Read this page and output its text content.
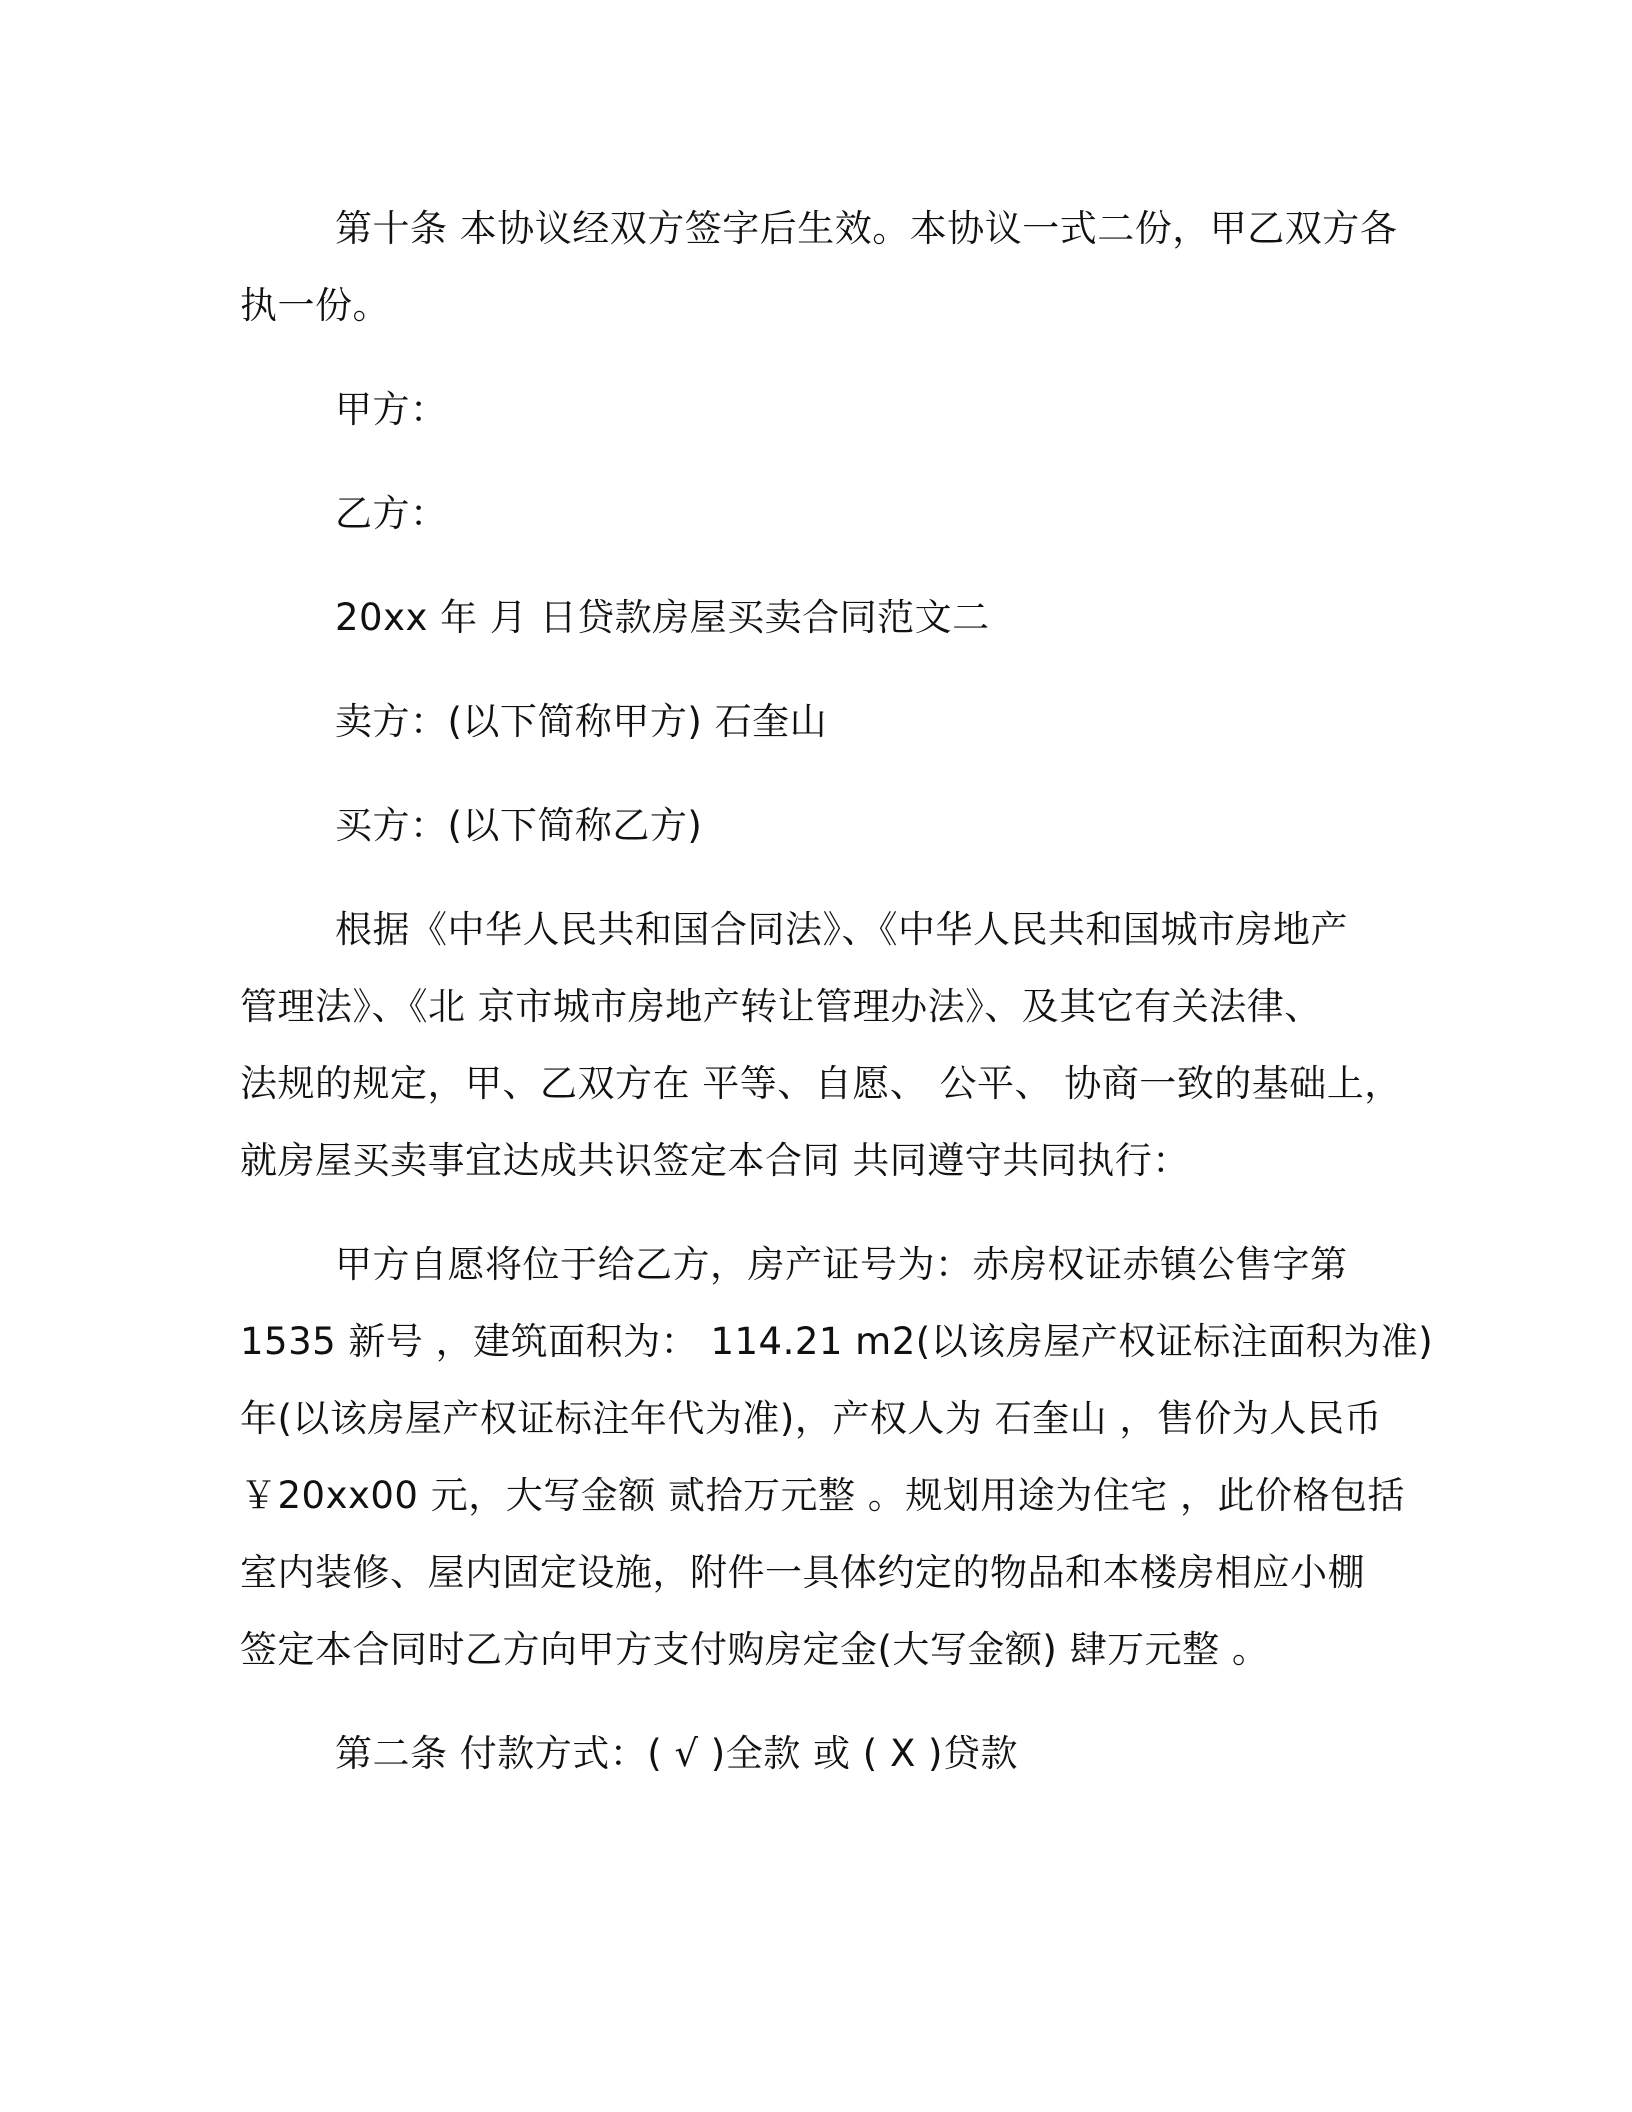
第十条 本协议经双方签字后生效。本协议一式二份，甲乙双方各

执一份。

甲方：

乙方：

20xx 年 月 日贷款房屋买卖合同范文二

卖方：(以下简称甲方) 石奎山

买方：(以下简称乙方)

根据《中华人民共和国合同法》、《中华人民共和国城市房地产

管理法》、《北 京市城市房地产转让管理办法》、及其它有关法律、

法规的规定，甲、乙双方在 平等、自愿、 公平、 协商一致的基础上，

就房屋买卖事宜达成共识签定本合同 共同遵守共同执行：

甲方自愿将位于给乙方，房产证号为：赤房权证赤镇公售字第

1535 新号 ，建筑面积为： 114.21 m2(以该房屋产权证标注面积为准)

年(以该房屋产权证标注年代为准)，产权人为 石奎山 ，售价为人民币

￥20xx00 元，大写金额 贰拾万元整 。规划用途为住宅 ，此价格包括

室内装修、屋内固定设施，附件一具体约定的物品和本楼房相应小棚

签定本合同时乙方向甲方支付购房定金(大写金额) 肆万元整 。

第二条 付款方式：( √ )全款 或 ( X )贷款
